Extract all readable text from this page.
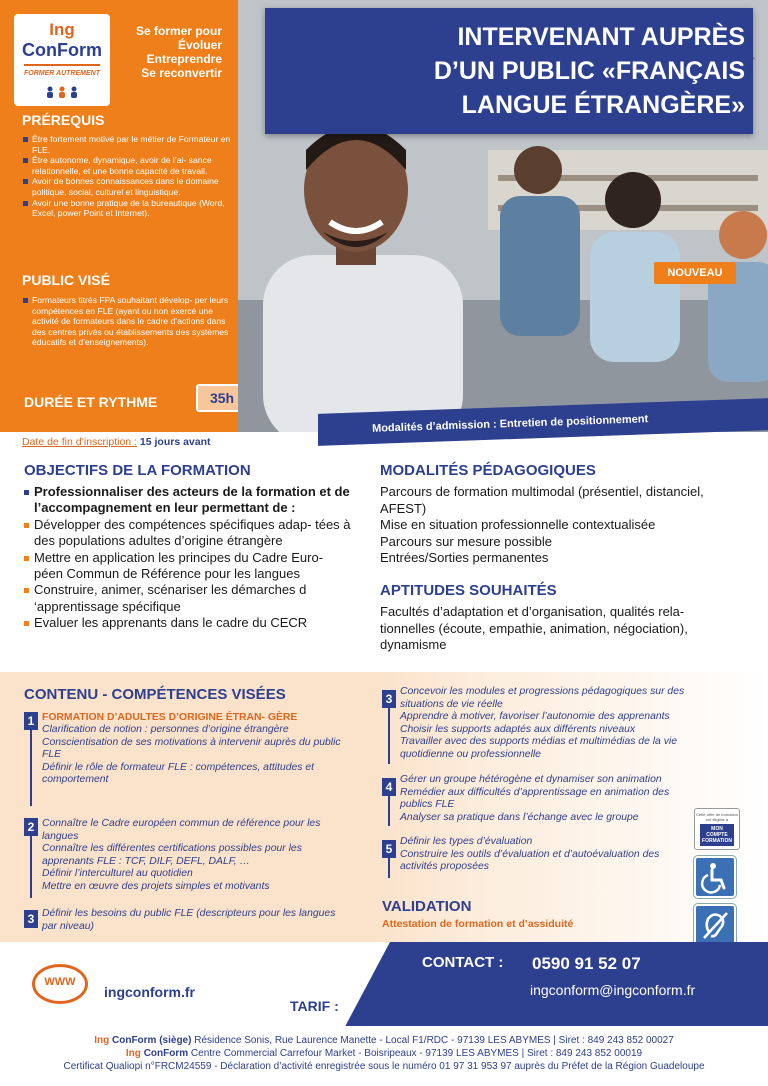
Ing
ConForm
FORMER AUTREMENT
Se former pour
Évoluer
Entreprendre
Se reconvertir
PRÉREQUIS
Être fortement motivé par le métier de Formateur en FLE.
Être autonome, dynamique, avoir de l’ai- sance relationnelle, et une bonne capacité de travail.
Avoir de bonnes connaissances dans le domaine politique, social, culturel et linguistique.
Avoir une bonne pratique de la bureautique (Word, Excel, power Point et Internet).
PUBLIC VISÉ
Formateurs titrés FPA souhaitant dévelop- per leurs compétences en FLE (ayant ou non exercé une activité de formateurs dans le cadre d’actions dans des centres privés ou établissements des systèmes éducatifs et d’enseignements).
DURÉE ET RYTHME	35h
INTERVENANT AUPRÈS
D’UN PUBLIC «FRANÇAIS
LANGUE ÉTRANGÈRE»
Màj 25/03/2026
NOUVEAU
Modalités d’admission : Entretien de positionnement
Date de fin d’inscription : 15 jours avant
OBJECTIFS DE LA FORMATION
Professionnaliser des acteurs de la formation et de l’accompagnement en leur permettant de :
Développer des compétences spécifiques adap- tées à des populations adultes d’origine étrangère
Mettre en application les principes du Cadre Euro- péen Commun de Référence pour les langues
Construire, animer, scénariser les démarches d ‘apprentissage spécifique
Evaluer les apprenants dans le cadre du CECR
MODALITÉS PÉDAGOGIQUES
Parcours de formation multimodal (présentiel, distanciel, AFEST)
Mise en situation professionnelle contextualisée
Parcours sur mesure possible
Entrées/Sorties permanentes
APTITUDES SOUHAITÉS
Facultés d’adaptation et d’organisation, qualités rela- tionnelles (écoute, empathie, animation, négociation), dynamisme
CONTENU - COMPÉTENCES VISÉES
1 FORMATION D’ADULTES D’ORIGINE ÉTRAN- GÈRE
Clarification de notion : personnes d’origine étrangère
Conscientisation de ses motivations à intervenir auprès du public FLE
Définir le rôle de formateur FLE : compétences, attitudes et comportement
2 Connaître le Cadre européen commun de référence pour les langues
Connaître les différentes certifications possibles pour les apprenants FLE : TCF, DILF, DEFL, DALF, …
Définir l’interculturel au quotidien
Mettre en œuvre des projets simples et motivants
3 Définir les besoins du public FLE (descripteurs pour les langues par niveau)
3
Concevoir les modules et progressions pédagogiques sur des situations de vie réelle
Apprendre à motiver, favoriser l’autonomie des apprenants
Choisir les supports adaptés aux différents niveaux
Travailler avec des supports médias et multimédias de la vie quotidienne ou professionnelle
4
Gérer un groupe hétérogène et dynamiser son animation
Remédier aux difficultés d’apprentissage en animation des publics FLE
Analyser sa pratique dans l’échange avec le groupe
5
Définir les types d’évaluation
Construire les outils d’évaluation et d’autoévaluation des activités proposées
VALIDATION
Attestation de formation et d’assiduité
Cette offre de formation est éligible à
MON COMPTE FORMATION
CONTACT : 0590 91 52 07
ingconform@ingconform.fr
WWW
ingconform.fr
TARIF :	15€/h
Ing ConForm (siège) Résidence Sonis, Rue Laurence Manette - Local F1/RDC - 97139 LES ABYMES | Siret : 849 243 852 00027
Ing ConForm Centre Commercial Carrefour Market - Boisripeaux - 97139 LES ABYMES | Siret : 849 243 852 00019
Certificat Qualiopi n°FRCM24559 - Déclaration d’activité enregistrée sous le numéro 01 97 31 953 97 auprès du Préfet de la Région Guadeloupe
